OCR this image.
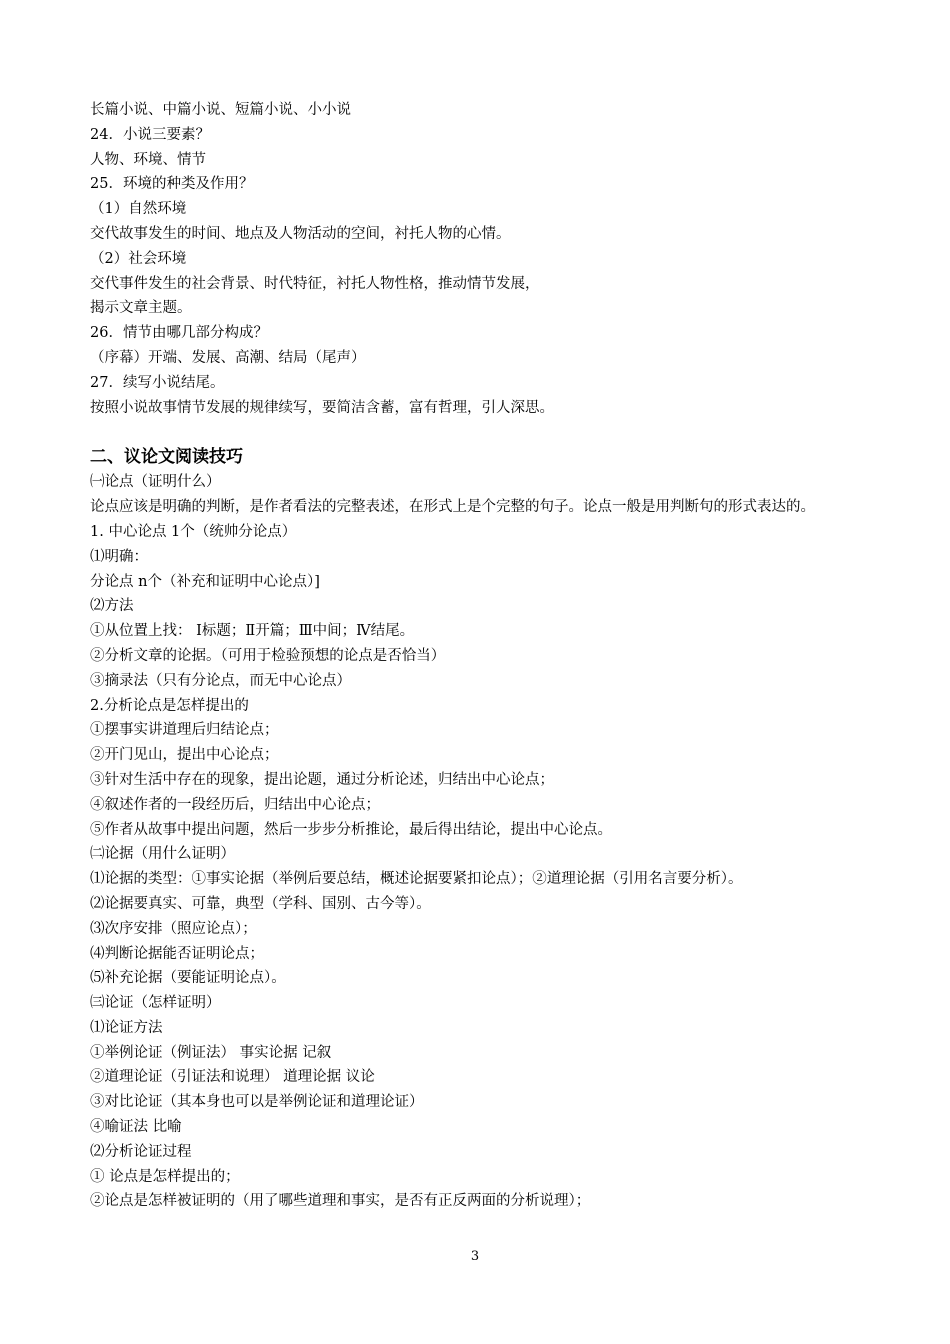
长篇小说、中篇小说、短篇小说、小小说
24．小说三要素？
人物、环境、情节
25．环境的种类及作用？
（1）自然环境
交代故事发生的时间、地点及人物活动的空间，衬托人物的心情。
（2）社会环境
交代事件发生的社会背景、时代特征，衬托人物性格，推动情节发展，
揭示文章主题。
26．情节由哪几部分构成？
（序幕）开端、发展、高潮、结局（尾声）
27．续写小说结尾。
按照小说故事情节发展的规律续写，要简洁含蓄，富有哲理，引人深思。
二、议论文阅读技巧
㈠论点（证明什么）
论点应该是明确的判断，是作者看法的完整表述，在形式上是个完整的句子。论点一般是用判断句的形式表达的。
1. 中心论点 1个（统帅分论点）
⑴明确：
分论点 n个（补充和证明中心论点）]
⑵方法
①从位置上找： Ⅰ标题；Ⅱ开篇；Ⅲ中间；Ⅳ结尾。
②分析文章的论据。（可用于检验预想的论点是否恰当）
③摘录法（只有分论点，而无中心论点）
2.分析论点是怎样提出的
①摆事实讲道理后归结论点；
②开门见山，提出中心论点；
③针对生活中存在的现象，提出论题，通过分析论述，归结出中心论点；
④叙述作者的一段经历后，归结出中心论点；
⑤作者从故事中提出问题，然后一步步分析推论，最后得出结论，提出中心论点。
㈡论据（用什么证明）
⑴论据的类型：①事实论据（举例后要总结，概述论据要紧扣论点）；②道理论据（引用名言要分析）。
⑵论据要真实、可靠，典型（学科、国别、古今等）。
⑶次序安排（照应论点）；
⑷判断论据能否证明论点；
⑸补充论据（要能证明论点）。
㈢论证（怎样证明）
⑴论证方法
①举例论证（例证法） 事实论据 记叙
②道理论证（引证法和说理） 道理论据 议论
③对比论证（其本身也可以是举例论证和道理论证）
④喻证法 比喻
⑵分析论证过程
① 论点是怎样提出的；
②论点是怎样被证明的（用了哪些道理和事实，是否有正反两面的分析说理）；
3
